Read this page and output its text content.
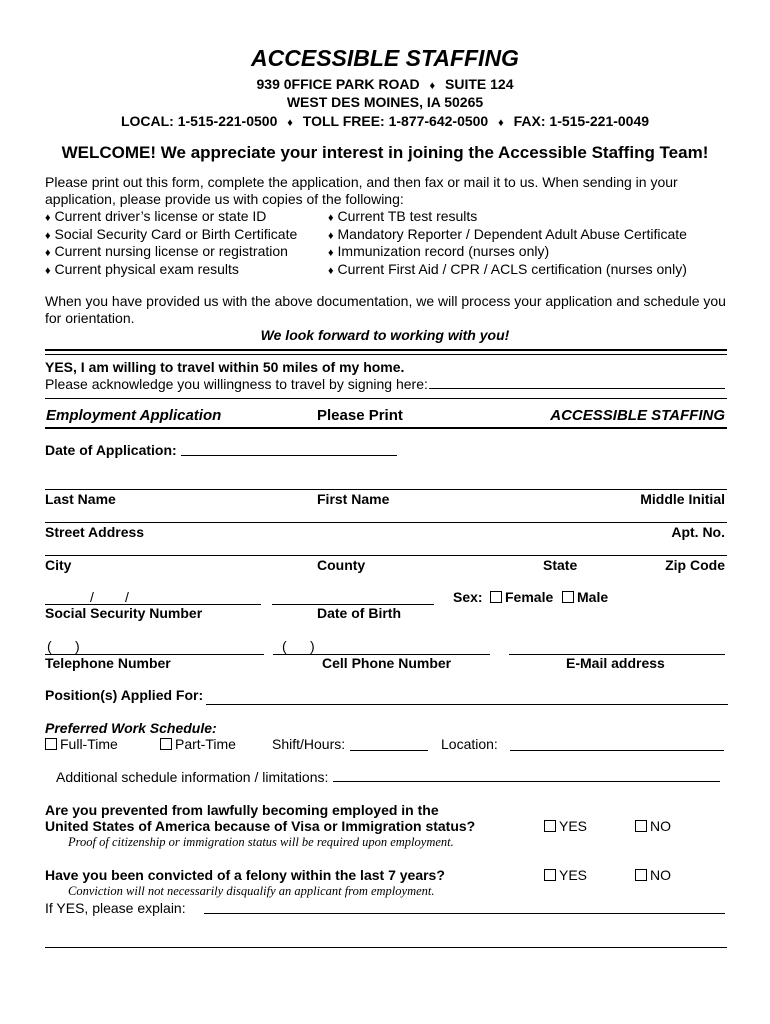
ACCESSIBLE STAFFING
939 0FFICE PARK ROAD ♦ SUITE 124
WEST DES MOINES, IA 50265
LOCAL: 1-515-221-0500 ♦ TOLL FREE: 1-877-642-0500 ♦ FAX: 1-515-221-0049
WELCOME! We appreciate your interest in joining the Accessible Staffing Team!
Please print out this form, complete the application, and then fax or mail it to us. When sending in your
application, please provide us with copies of the following:
♦ Current driver’s license or state ID
♦ Social Security Card or Birth Certificate
♦ Current nursing license or registration
♦ Current physical exam results
♦ Current TB test results
♦ Mandatory Reporter / Dependent Adult Abuse Certificate
♦ Immunization record (nurses only)
♦ Current First Aid / CPR / ACLS certification (nurses only)
When you have provided us with the above documentation, we will process your application and schedule you
for orientation.
We look forward to working with you!
YES, I am willing to travel within 50 miles of my home.
Please acknowledge you willingness to travel by signing here:
Employment Application	Please Print	ACCESSIBLE STAFFING
Date of Application:
Last Name	First Name	Middle Initial
Street Address	Apt. No.
City	County	State	Zip Code
/        /	Sex:	Female	Male
Social Security Number	Date of Birth
(      )	(      )
Telephone Number	Cell Phone Number	E-Mail address
Position(s) Applied For:
Preferred Work Schedule:
Full-Time	Part-Time	Shift/Hours:	Location:
Additional schedule information / limitations:
Are you prevented from lawfully becoming employed in the
United States of America because of Visa or Immigration status?	YES	NO
Proof of citizenship or immigration status will be required upon employment.
Have you been convicted of a felony within the last 7 years?	YES	NO
Conviction will not necessarily disqualify an applicant from employment.
If YES, please explain:
